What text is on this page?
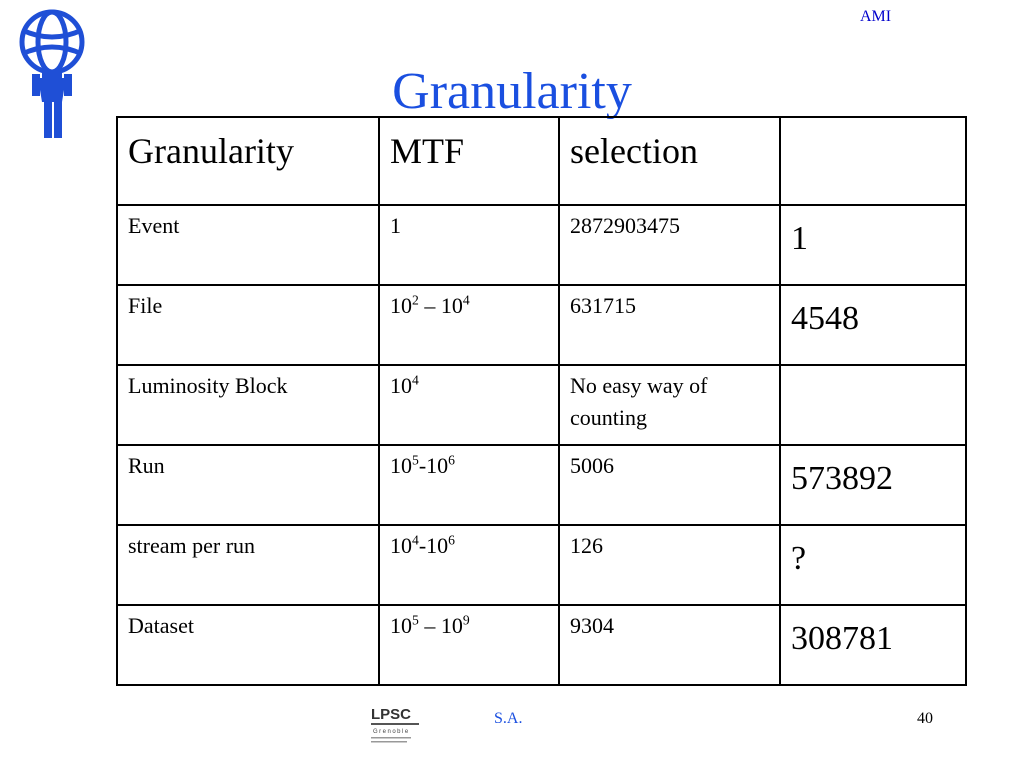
AMI
Granularity
Granularity	MTF	selection	
Event	1	2872903475	1
File	$10^2 - 10^4$	631715	4548
Luminosity Block	$10^4$	No easy way of counting	
Run	$10^5-10^6$	5006	573892
stream per run	$10^4-10^6$	126	?
Dataset	$10^5 - 10^9$	9304	308781
LPSC
Grenoble
S.A.	40
